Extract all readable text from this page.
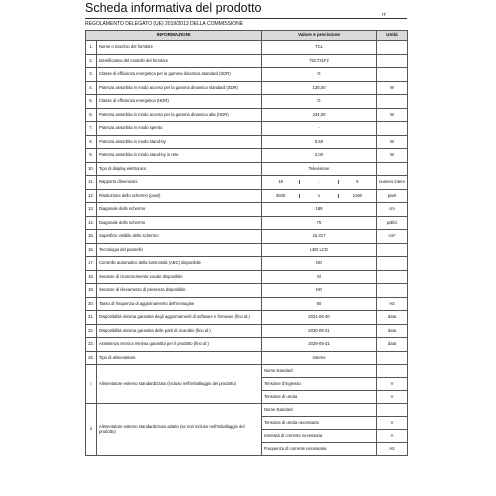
Scheda informativa del prodotto	IT
REGOLAMENTO DELEGATO (UE) 2019/2013 DELLA COMMISSIONE
INFORMAZIONI		Valore e precisione	Unità
1.	Nome o marchio del fornitore	TCL	
2.	Identificativo del modello del fornitore	75C721F2	
3.	Classe di efficienza energetica per la gamma dinamica standard (SDR)	G	
4.	Potenza assorbita in modo acceso per la gamma dinamica standard (SDR)	135,00	W
5.	Classe di efficienza energetica (HDR)	G	
6.	Potenza assorbita in modo acceso per la gamma dinamica alta (HDR)	234,00	W
7.	Potenza assorbita in modo spento	-	
8.	Potenza assorbita in modo stand-by	0,50	W
9.	Potenza assorbita in modo stand-by in rete	2,00	W
10.	Tipo di display elettronico	Televisione	
11.	Rapporto dimensioni	16 : 9	numero intero
12.	Risoluzione dello schermo (pixel)	3840 x 2160	pixel
13.	Diagonale dello schermo	189	cm
14.	Diagonale dello schermo	75	pollici
15.	Superficie visibile dello schermo	15 317	cm²
16.	Tecnologia del pannello	LED LCD	
17.	Controllo automatico della luminosità (ABC) disponibile	NO	
18.	Sensore di riconoscimento vocale disponibile	SÌ	
19.	Sensore di rilevamento di presenza disponibile	NO	
20.	Tasso di frequenza di aggiornamento dell'immagine	60	Hz
21.	Disponibilità minima garantita degli aggiornamenti di software e firmware (fino al:)	2031-06-30	data
22.	Disponibilità minima garantita delle parti di ricambio (fino al:)	2030-05-31	data
23.	Assistenza tecnica minima garantita per il prodotto (fino al:)	2029-05-31	data
24.	Tipo di alimentatore	Interno	
i	Alimentatore esterno standardizzato (incluso nell'imballaggio del prodotto)	Nome standard	
		Tensione d'ingresso	V
		Tensione di uscita	V
ii	Alimentatore esterno standardizzato adatto (se non incluso nell'imballaggio del prodotto)	Nome standard	
		Tensione di uscita necessaria	V
		Intensità di corrente necessaria	A
		Frequenza di corrente necessaria	Hz
